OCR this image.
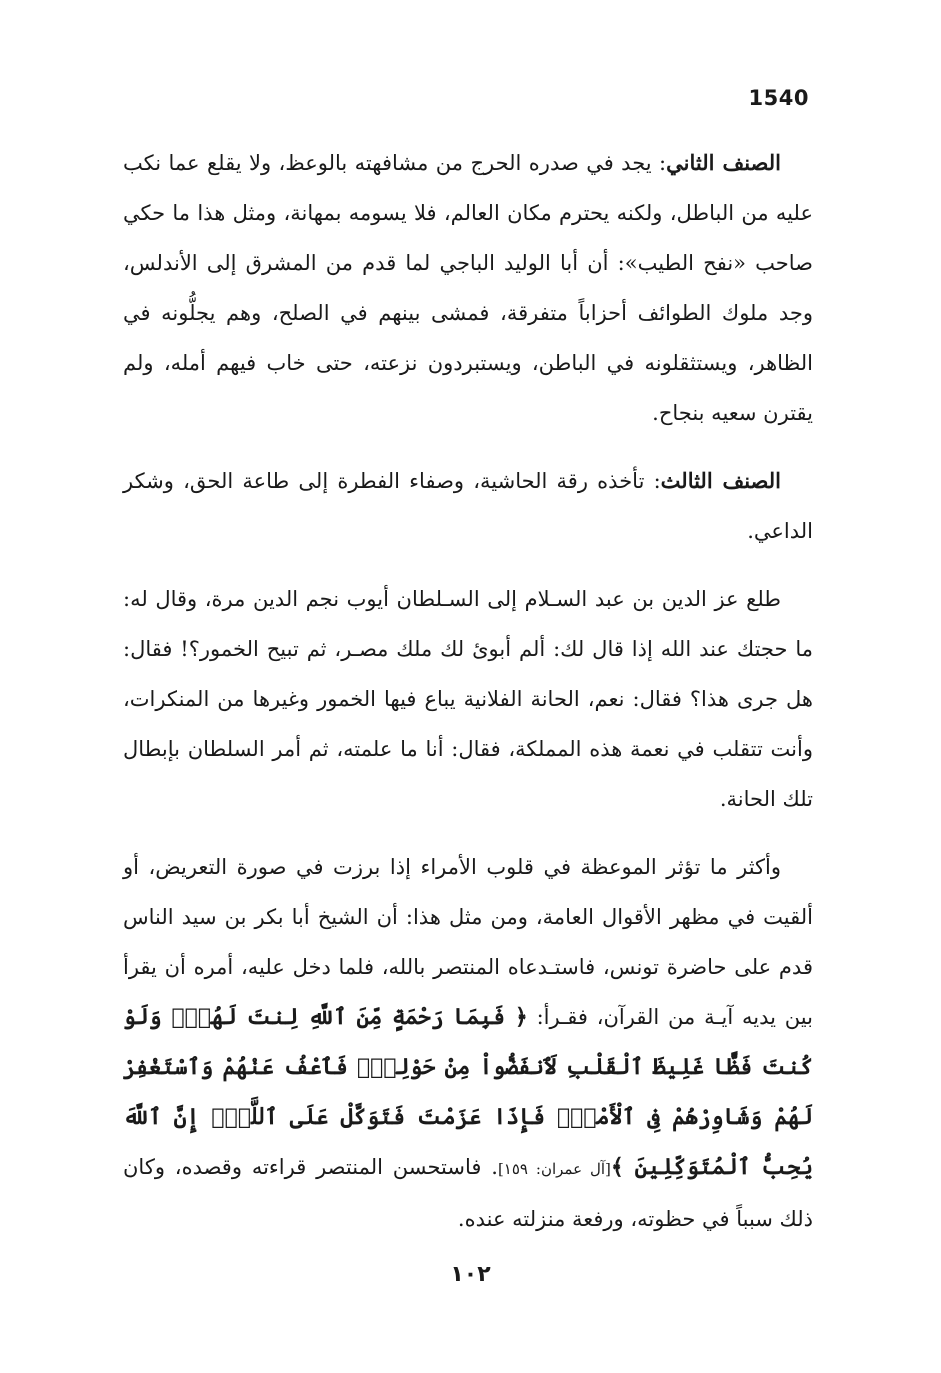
1540

الصنف الثاني: يجد في صدره الحرج من مشافهته بالوعظ، ولا يقلع عما نكب عليه من الباطل، ولكنه يحترم مكان العالم، فلا يسومه بمهانة، ومثل هذا ما حكي صاحب «نفح الطيب»: أن أبا الوليد الباجي لما قدم من المشرق إلى الأندلس، وجد ملوك الطوائف أحزاباً متفرقة، فمشى بينهم في الصلح، وهم يجلُّونه في الظاهر، ويستثقلونه في الباطن، ويستبردون نزعته، حتى خاب فيهم أمله، ولم يقترن سعيه بنجاح.

الصنف الثالث: تأخذه رقة الحاشية، وصفاء الفطرة إلى طاعة الحق، وشكر الداعي.

طلع عز الدين بن عبد السـلام إلى السـلطان أيوب نجم الدين مرة، وقال له: ما حجتك عند الله إذا قال لك: ألم أبوئ لك ملك مصـر، ثم تبيح الخمور؟! فقال: هل جرى هذا؟ فقال: نعم، الحانة الفلانية يباع فيها الخمور وغيرها من المنكرات، وأنت تتقلب في نعمة هذه المملكة، فقال: أنا ما علمته، ثم أمر السلطان بإبطال تلك الحانة.

وأكثر ما تؤثر الموعظة في قلوب الأمراء إذا برزت في صورة التعريض، أو ألقيت في مظهر الأقوال العامة، ومن مثل هذا: أن الشيخ أبا بكر بن سيد الناس قدم على حاضرة تونس، فاستـدعاه المنتصر بالله، فلما دخل عليه، أمره أن يقرأ بين يديه آيـة من القرآن، فقـرأ: ﴿ فَبِمَا رَحْمَةٍ مِّنَ ٱللَّهِ لِنتَ لَهُمْۖ وَلَوْ كُنتَ فَظًّا غَلِيظَ ٱلْقَلْبِ لَٱنفَضُّواْ مِنْ حَوْلِكَۖ فَٱعْفُ عَنْهُمْ وَٱسْتَغْفِرْ لَهُمْ وَشَاوِرْهُمْ فِى ٱلْأَمْرِۖ فَإِذَا عَزَمْتَ فَتَوَكَّلْ عَلَى ٱللَّهِۚ إِنَّ ٱللَّهَ يُحِبُّ ٱلْمُتَوَكِّلِينَ ﴾[آل عمران: ١٥٩]. فاستحسن المنتصر قراءته وقصده، وكان ذلك سبباً في حظوته، ورفعة منزلته عنده.

١٠٢
